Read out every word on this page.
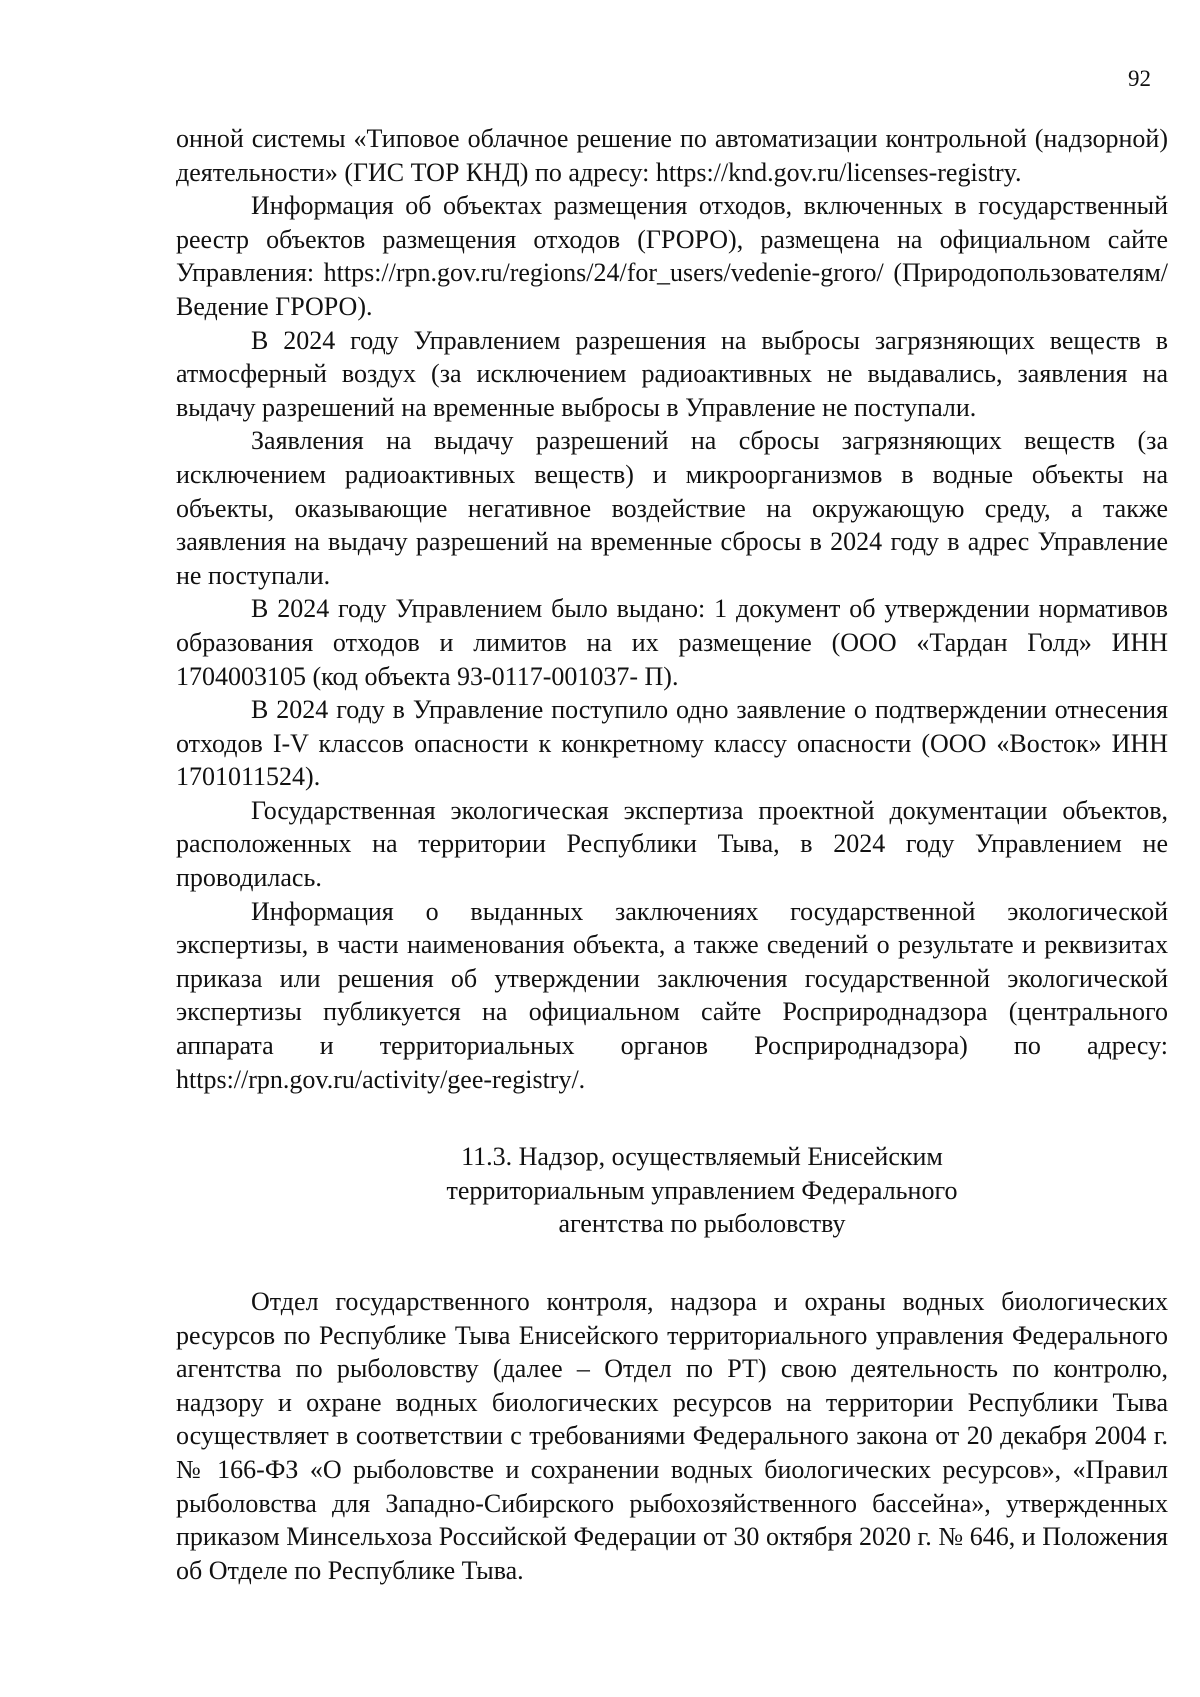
92

онной системы «Типовое облачное решение по автоматизации контрольной (надзорной) деятельности» (ГИС ТОР КНД) по адресу: https://knd.gov.ru/licenses-registry.

Информация об объектах размещения отходов, включенных в государственный реестр объектов размещения отходов (ГРОРО), размещена на официальном сайте Управления: https://rpn.gov.ru/regions/24/for_users/vedenie-groro/ (Природопользователям/ Ведение ГРОРО).

В 2024 году Управлением разрешения на выбросы загрязняющих веществ в атмосферный воздух (за исключением радиоактивных не выдавались, заявления на выдачу разрешений на временные выбросы в Управление не поступали.

Заявления на выдачу разрешений на сбросы загрязняющих веществ (за исключением радиоактивных веществ) и микроорганизмов в водные объекты на объекты, оказывающие негативное воздействие на окружающую среду, а также заявления на выдачу разрешений на временные сбросы в 2024 году в адрес Управление не поступали.

В 2024 году Управлением было выдано: 1 документ об утверждении нормативов образования отходов и лимитов на их размещение (ООО «Тардан Голд» ИНН 1704003105 (код объекта 93-0117-001037- П).

В 2024 году в Управление поступило одно заявление о подтверждении отнесения отходов I-V классов опасности к конкретному классу опасности (ООО «Восток» ИНН 1701011524).

Государственная экологическая экспертиза проектной документации объектов, расположенных на территории Республики Тыва, в 2024 году Управлением не проводилась.

Информация о выданных заключениях государственной экологической экспертизы, в части наименования объекта, а также сведений о результате и реквизитах приказа или решения об утверждении заключения государственной экологической экспертизы публикуется на официальном сайте Росприроднадзора (центрального аппарата и территориальных органов Росприроднадзора) по адресу: https://rpn.gov.ru/activity/gee-registry/.

11.3. Надзор, осуществляемый Енисейским
территориальным управлением Федерального
агентства по рыболовству

Отдел государственного контроля, надзора и охраны водных биологических ресурсов по Республике Тыва Енисейского территориального управления Федерального агентства по рыболовству (далее – Отдел по РТ) свою деятельность по контролю, надзору и охране водных биологических ресурсов на территории Республики Тыва осуществляет в соответствии с требованиями Федерального закона от 20 декабря 2004 г. № 166-ФЗ «О рыболовстве и сохранении водных биологических ресурсов», «Правил рыболовства для Западно-Сибирского рыбохозяйственного бассейна», утвержденных приказом Минсельхоза Российской Федерации от 30 октября 2020 г. № 646, и Положения об Отделе по Республике Тыва.
